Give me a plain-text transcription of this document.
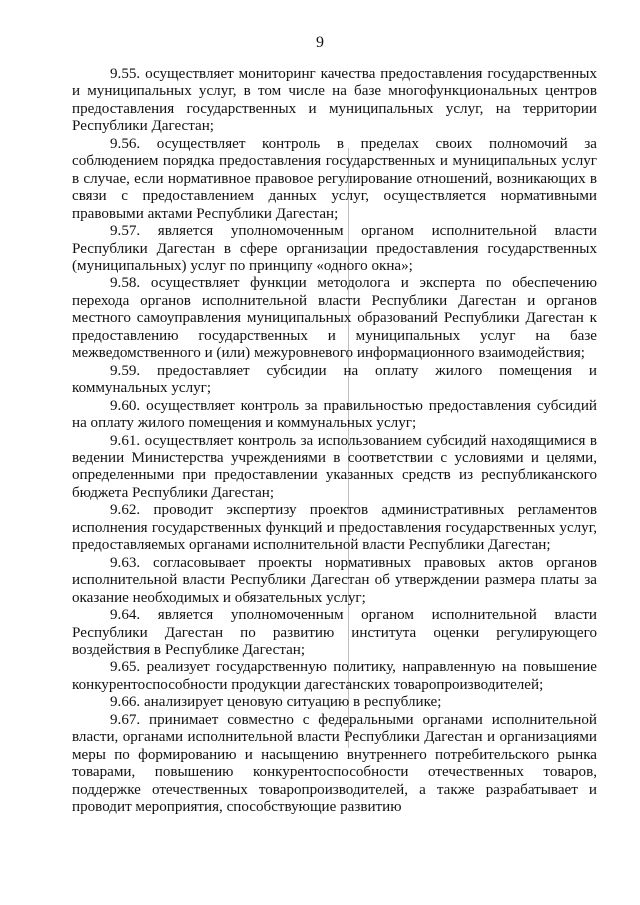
9

9.55. осуществляет мониторинг качества предоставления государственных и муниципальных услуг, в том числе на базе многофункциональных центров предоставления государственных и муниципальных услуг, на территории Республики Дагестан;

9.56. осуществляет контроль в пределах своих полномочий за соблюдением порядка предоставления государственных и муниципальных услуг в случае, если нормативное правовое регулирование отношений, возникающих в связи с предоставлением данных услуг, осуществляется нормативными правовыми актами Республики Дагестан;

9.57. является уполномоченным органом исполнительной власти Республики Дагестан в сфере организации предоставления государственных (муниципальных) услуг по принципу «одного окна»;

9.58. осуществляет функции методолога и эксперта по обеспечению перехода органов исполнительной власти Республики Дагестан и органов местного самоуправления муниципальных образований Республики Дагестан к предоставлению государственных и муниципальных услуг на базе межведомственного и (или) межуровневого информационного взаимодействия;

9.59. предоставляет субсидии на оплату жилого помещения и коммунальных услуг;

9.60. осуществляет контроль за правильностью предоставления субсидий на оплату жилого помещения и коммунальных услуг;

9.61. осуществляет контроль за использованием субсидий находящимися в ведении Министерства учреждениями в соответствии с условиями и целями, определенными при предоставлении указанных средств из республиканского бюджета Республики Дагестан;

9.62. проводит экспертизу проектов административных регламентов исполнения государственных функций и предоставления государственных услуг, предоставляемых органами исполнительной власти Республики Дагестан;

9.63. согласовывает проекты нормативных правовых актов органов исполнительной власти Республики Дагестан об утверждении размера платы за оказание необходимых и обязательных услуг;

9.64. является уполномоченным органом исполнительной власти Республики Дагестан по развитию института оценки регулирующего воздействия в Республике Дагестан;

9.65. реализует государственную политику, направленную на повышение конкурентоспособности продукции дагестанских товаропроизводителей;

9.66. анализирует ценовую ситуацию в республике;

9.67. принимает совместно с федеральными органами исполнительной власти, органами исполнительной власти Республики Дагестан и организациями меры по формированию и насыщению внутреннего потребительского рынка товарами, повышению конкурентоспособности отечественных товаров, поддержке отечественных товаропроизводителей, а также разрабатывает и проводит мероприятия, способствующие развитию
